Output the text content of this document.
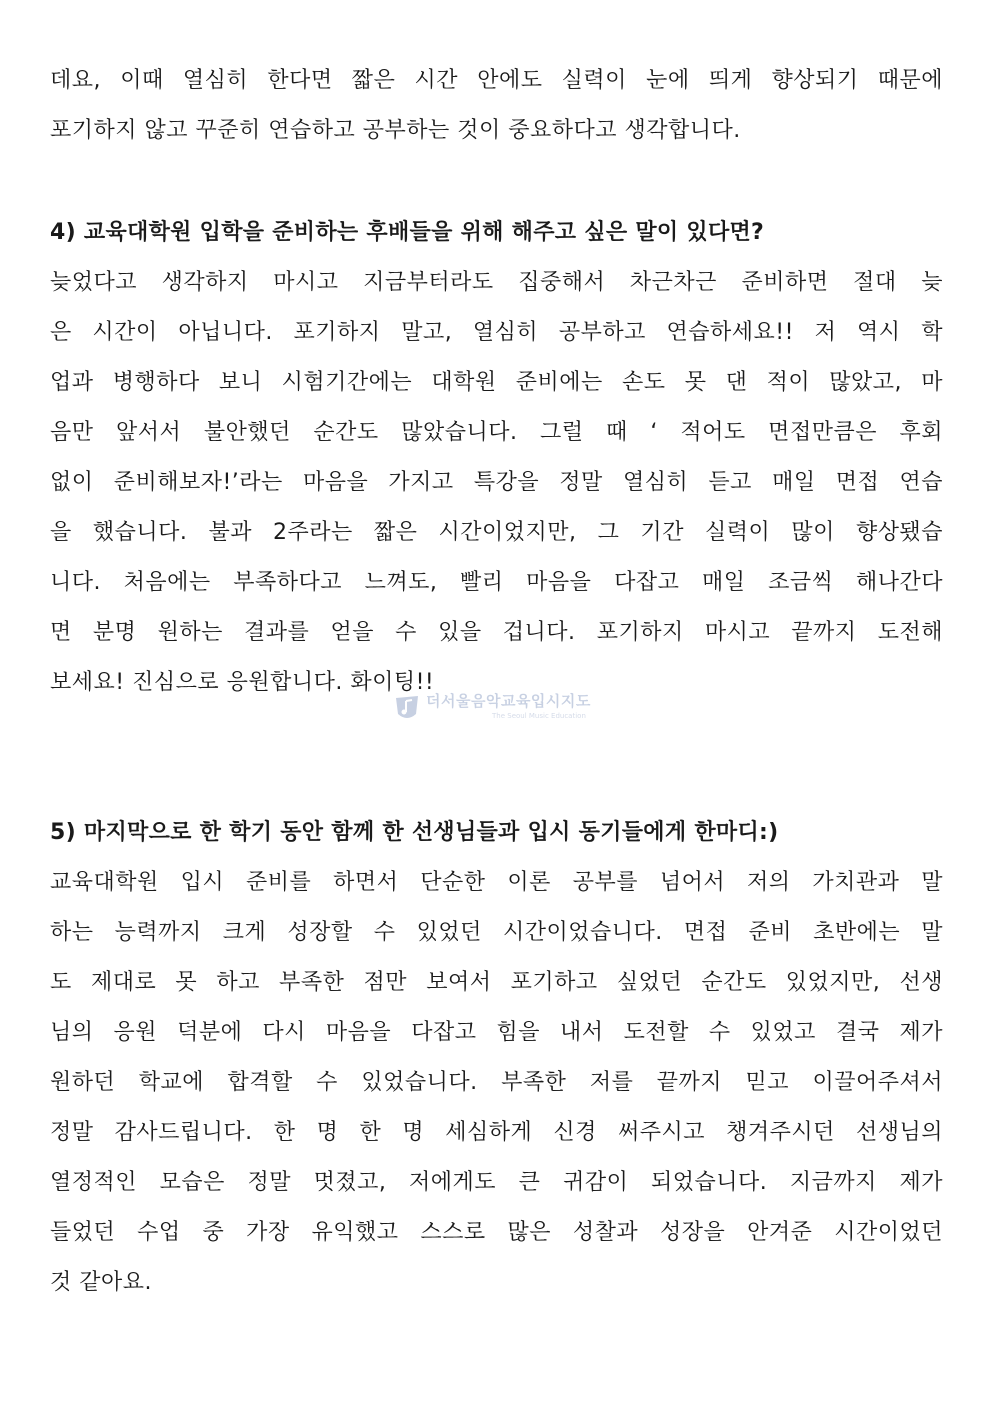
데요, 이때 열심히 한다면 짧은 시간 안에도 실력이 눈에 띄게 향상되기 때문에
포기하지 않고 꾸준히 연습하고 공부하는 것이 중요하다고 생각합니다.
4) 교육대학원 입학을 준비하는 후배들을 위해 해주고 싶은 말이 있다면?
늦었다고 생각하지 마시고 지금부터라도 집중해서 차근차근 준비하면 절대 늦
은 시간이 아닙니다. 포기하지 말고, 열심히 공부하고 연습하세요!! 저 역시 학
업과 병행하다 보니 시험기간에는 대학원 준비에는 손도 못 댄 적이 많았고, 마
음만 앞서서 불안했던 순간도 많았습니다. 그럴 때 ‘ 적어도 면접만큼은 후회
없이 준비해보자!’라는 마음을 가지고 특강을 정말 열심히 듣고 매일 면접 연습
을 했습니다. 불과 2주라는 짧은 시간이었지만, 그 기간 실력이 많이 향상됐습
니다. 처음에는 부족하다고 느껴도, 빨리 마음을 다잡고 매일 조금씩 해나간다
면 분명 원하는 결과를 얻을 수 있을 겁니다. 포기하지 마시고 끝까지 도전해
보세요! 진심으로 응원합니다. 화이팅!!
더서울음악교육입시지도
The Seoul Music Education
5) 마지막으로 한 학기 동안 함께 한 선생님들과 입시 동기들에게 한마디:)
교육대학원 입시 준비를 하면서 단순한 이론 공부를 넘어서 저의 가치관과 말
하는 능력까지 크게 성장할 수 있었던 시간이었습니다. 면접 준비 초반에는 말
도 제대로 못 하고 부족한 점만 보여서 포기하고 싶었던 순간도 있었지만, 선생
님의 응원 덕분에 다시 마음을 다잡고 힘을 내서 도전할 수 있었고 결국 제가
원하던 학교에 합격할 수 있었습니다. 부족한 저를 끝까지 믿고 이끌어주셔서
정말 감사드립니다. 한 명 한 명 세심하게 신경 써주시고 챙겨주시던 선생님의
열정적인 모습은 정말 멋졌고, 저에게도 큰 귀감이 되었습니다. 지금까지 제가
들었던 수업 중 가장 유익했고 스스로 많은 성찰과 성장을 안겨준 시간이었던
것 같아요.
